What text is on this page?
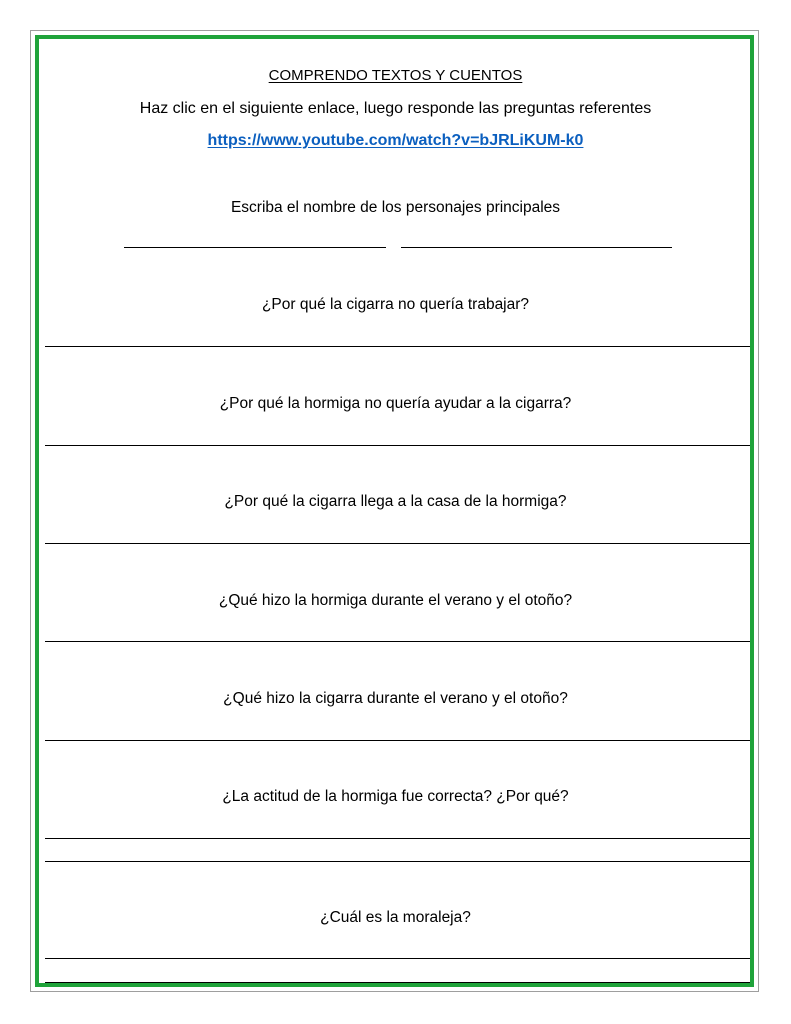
COMPRENDO TEXTOS Y CUENTOS
Haz clic en el siguiente enlace, luego responde las preguntas referentes
https://www.youtube.com/watch?v=bJRLiKUM-k0
Escriba el nombre de los personajes principales
¿Por qué la cigarra no quería trabajar?
¿Por qué la hormiga no quería ayudar a la cigarra?
¿Por qué la cigarra llega a la casa de la hormiga?
¿Qué hizo la hormiga durante el verano y el otoño?
¿Qué hizo la cigarra durante el verano y el otoño?
¿La actitud de la hormiga fue correcta? ¿Por qué?
¿Cuál es la moraleja?
